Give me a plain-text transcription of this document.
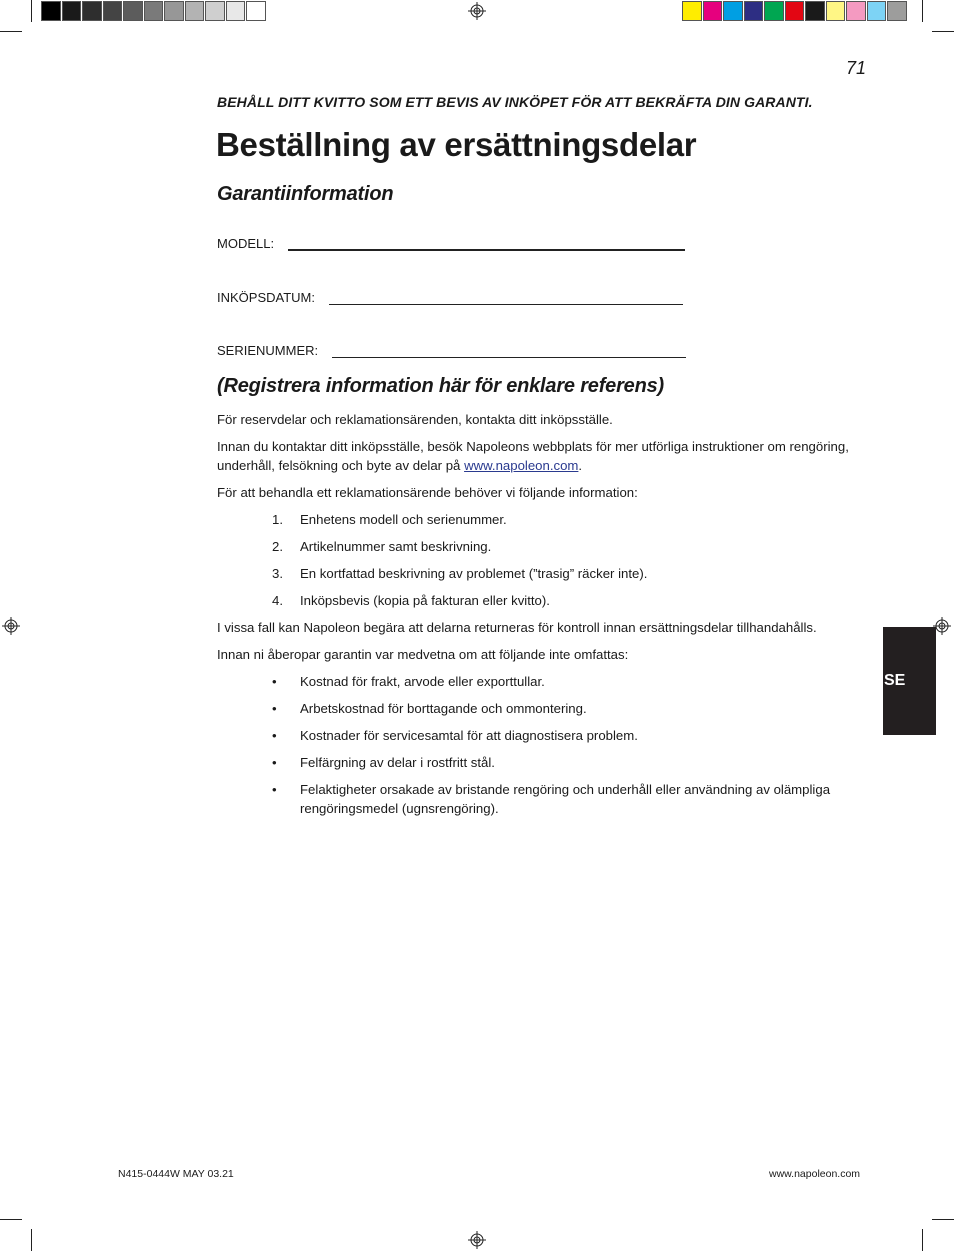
71
BEHÅLL DITT KVITTO SOM ETT BEVIS AV INKÖPET FÖR ATT BEKRÄFTA DIN GARANTI.
Beställning av ersättningsdelar
Garantiinformation
MODELL:
INKÖPSDATUM:
SERIENUMMER:
(Registrera information här för enklare referens)

För reservdelar och reklamationsärenden, kontakta ditt inköpsställe.

Innan du kontaktar ditt inköpsställe, besök Napoleons webbplats för mer utförliga instruktioner om rengöring, underhåll, felsökning och byte av delar på www.napoleon.com.

För att behandla ett reklamationsärende behöver vi följande information:

1.	Enhetens modell och serienummer.
2.	Artikelnummer samt beskrivning.
3.	En kortfattad beskrivning av problemet (”trasig” räcker inte).
4.	Inköpsbevis (kopia på fakturan eller kvitto).

I vissa fall kan Napoleon begära att delarna returneras för kontroll innan ersättningsdelar tillhandahålls.

Innan ni åberopar garantin var medvetna om att följande inte omfattas:

•	Kostnad för frakt, arvode eller exporttullar.
•	Arbetskostnad för borttagande och ommontering.
•	Kostnader för servicesamtal för att diagnostisera problem.
•	Felfärgning av delar i rostfritt stål.
•	Felaktigheter orsakade av bristande rengöring och underhåll eller användning av olämpliga rengöringsmedel (ugnsrengöring).
SE
N415-0444W MAY 03.21	www.napoleon.com
